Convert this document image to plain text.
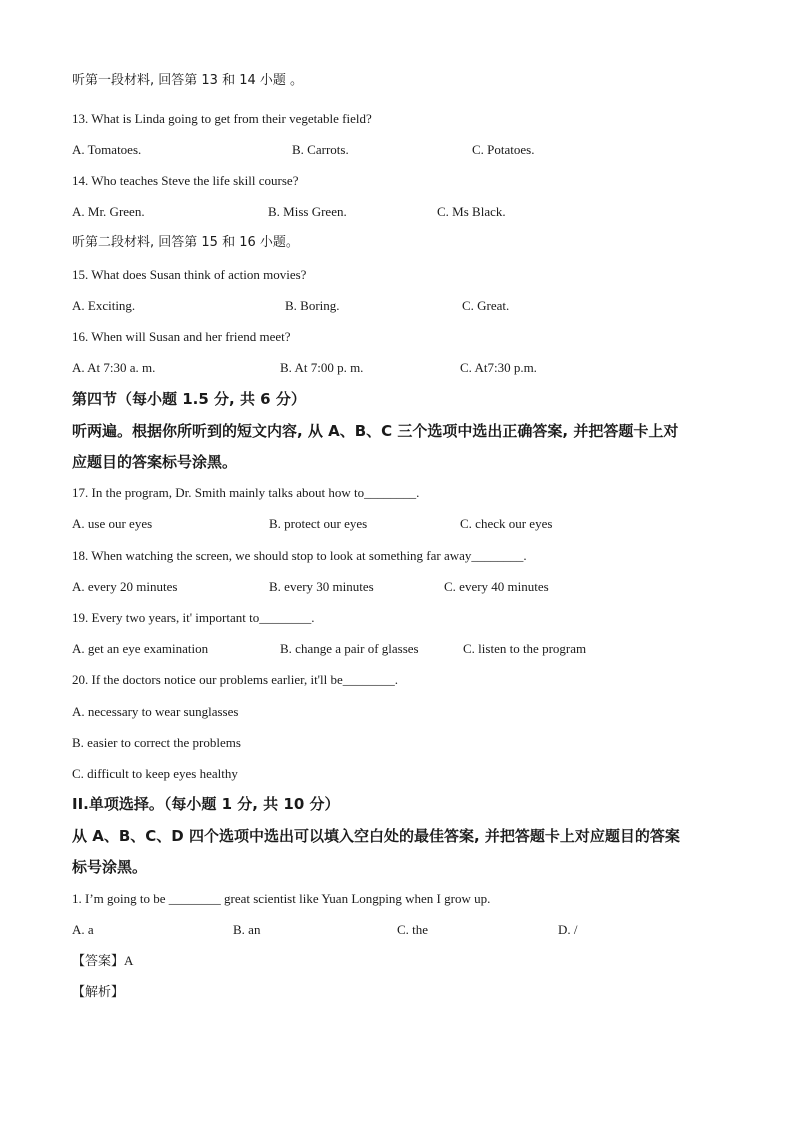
听第一段材料, 回答第 13 和 14 小题 。
13. What is Linda going to get from their vegetable field?
A. Tomatoes.	B. Carrots.	C. Potatoes.
14. Who teaches Steve the life skill course?
A. Mr. Green.	B. Miss Green.	C. Ms Black.
听第二段材料, 回答第 15 和 16 小题。
15. What does Susan think of action movies?
A. Exciting.	B. Boring.	C. Great.
16. When will Susan and her friend meet?
A. At 7:30 a. m.	B. At 7:00 p. m.	C. At7:30 p.m.
第四节（每小题 1.5 分, 共 6 分）
听两遍。根据你所听到的短文内容, 从 A、B、C 三个选项中选出正确答案, 并把答题卡上对
应题目的答案标号涂黑。
17. In the program, Dr. Smith mainly talks about how to________.
A. use our eyes	B. protect our eyes	C. check our eyes
18. When watching the screen, we should stop to look at something far away________.
A. every 20 minutes	B. every 30 minutes	C. every 40 minutes
19. Every two years, it' important to________.
A. get an eye examination	B. change a pair of glasses	C. listen to the program
20. If the doctors notice our problems earlier, it'll be________.
A. necessary to wear sunglasses
B. easier to correct the problems
C. difficult to keep eyes healthy
II.单项选择。（每小题 1 分, 共 10 分）
从 A、B、C、D 四个选项中选出可以填入空白处的最佳答案, 并把答题卡上对应题目的答案
标号涂黑。
1. I’m going to be ________ great scientist like Yuan Longping when I grow up.
A. a	B. an	C. the	D. /
【答案】A
【解析】
